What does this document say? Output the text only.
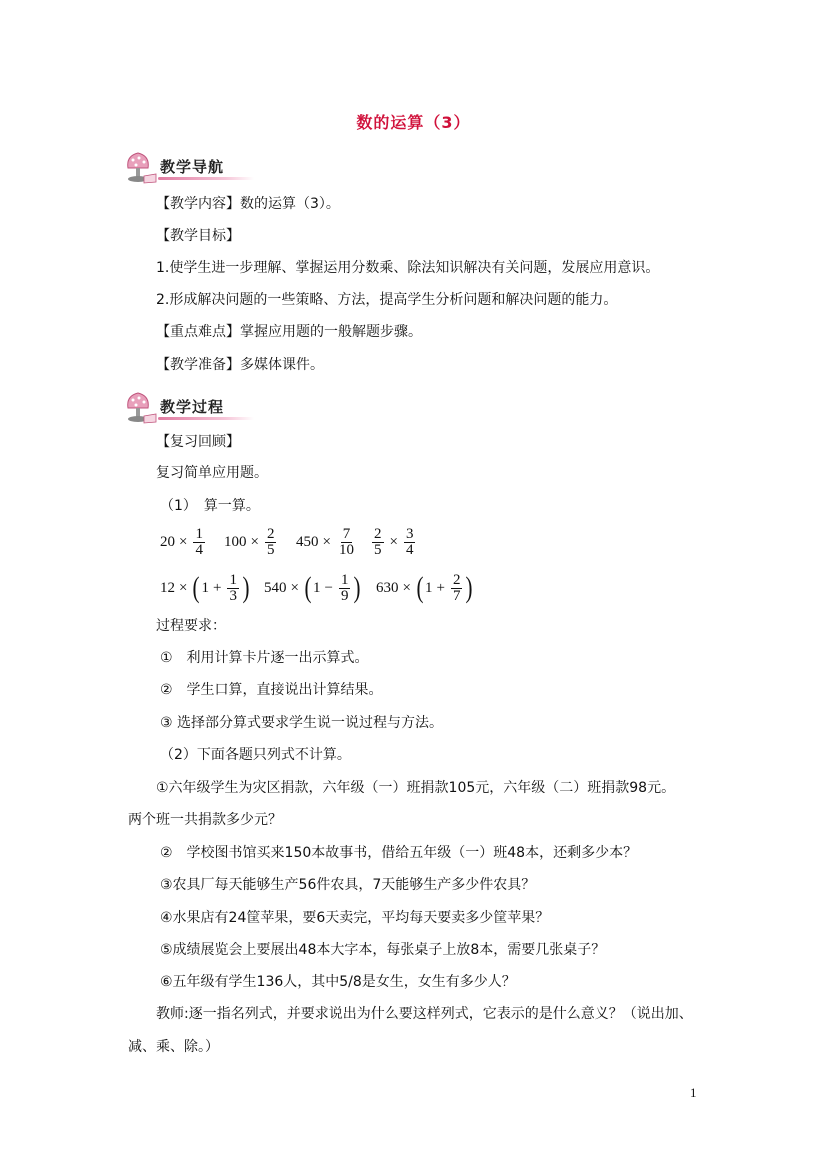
数的运算（3）
教学导航
【教学内容】数的运算（3）。
【教学目标】
1.使学生进一步理解、掌握运用分数乘、除法知识解决有关问题，发展应用意识。
2.形成解决问题的一些策略、方法，提高学生分析问题和解决问题的能力。
【重点难点】掌握应用题的一般解题步骤。
【教学准备】多媒体课件。
教学过程
【复习回顾】
复习简单应用题。
（1）　算一算。
$20 \times \frac{1}{4} 100 \times \frac{2}{5} 450 \times \frac{7}{10} \frac{2}{5} \times \frac{3}{4}$
12 × ( $1 + \frac{1}{3}$ ) 540 × ( $1 - \frac{1}{9}$ ) 630 × ( $1 + \frac{2}{7}$ )
过程要求：
①　利用计算卡片逐一出示算式。
②　学生口算，直接说出计算结果。
③ 选择部分算式要求学生说一说过程与方法。
（2）下面各题只列式不计算。
①六年级学生为灾区捐款，六年级（一）班捐款105元，六年级（二）班捐款98元。
两个班一共捐款多少元？
②　学校图书馆买来150本故事书，借给五年级（一）班48本，还剩多少本？
③农具厂每天能够生产56件农具，7天能够生产多少件农具？
④水果店有24筐苹果，要6天卖完，平均每天要卖多少筐苹果？
⑤成绩展览会上要展出48本大字本，每张桌子上放8本，需要几张桌子？
⑥五年级有学生136人，其中5/8是女生，女生有多少人？
教师:逐一指名列式，并要求说出为什么要这样列式，它表示的是什么意义？（说出加、
减、乘、除。）
1
